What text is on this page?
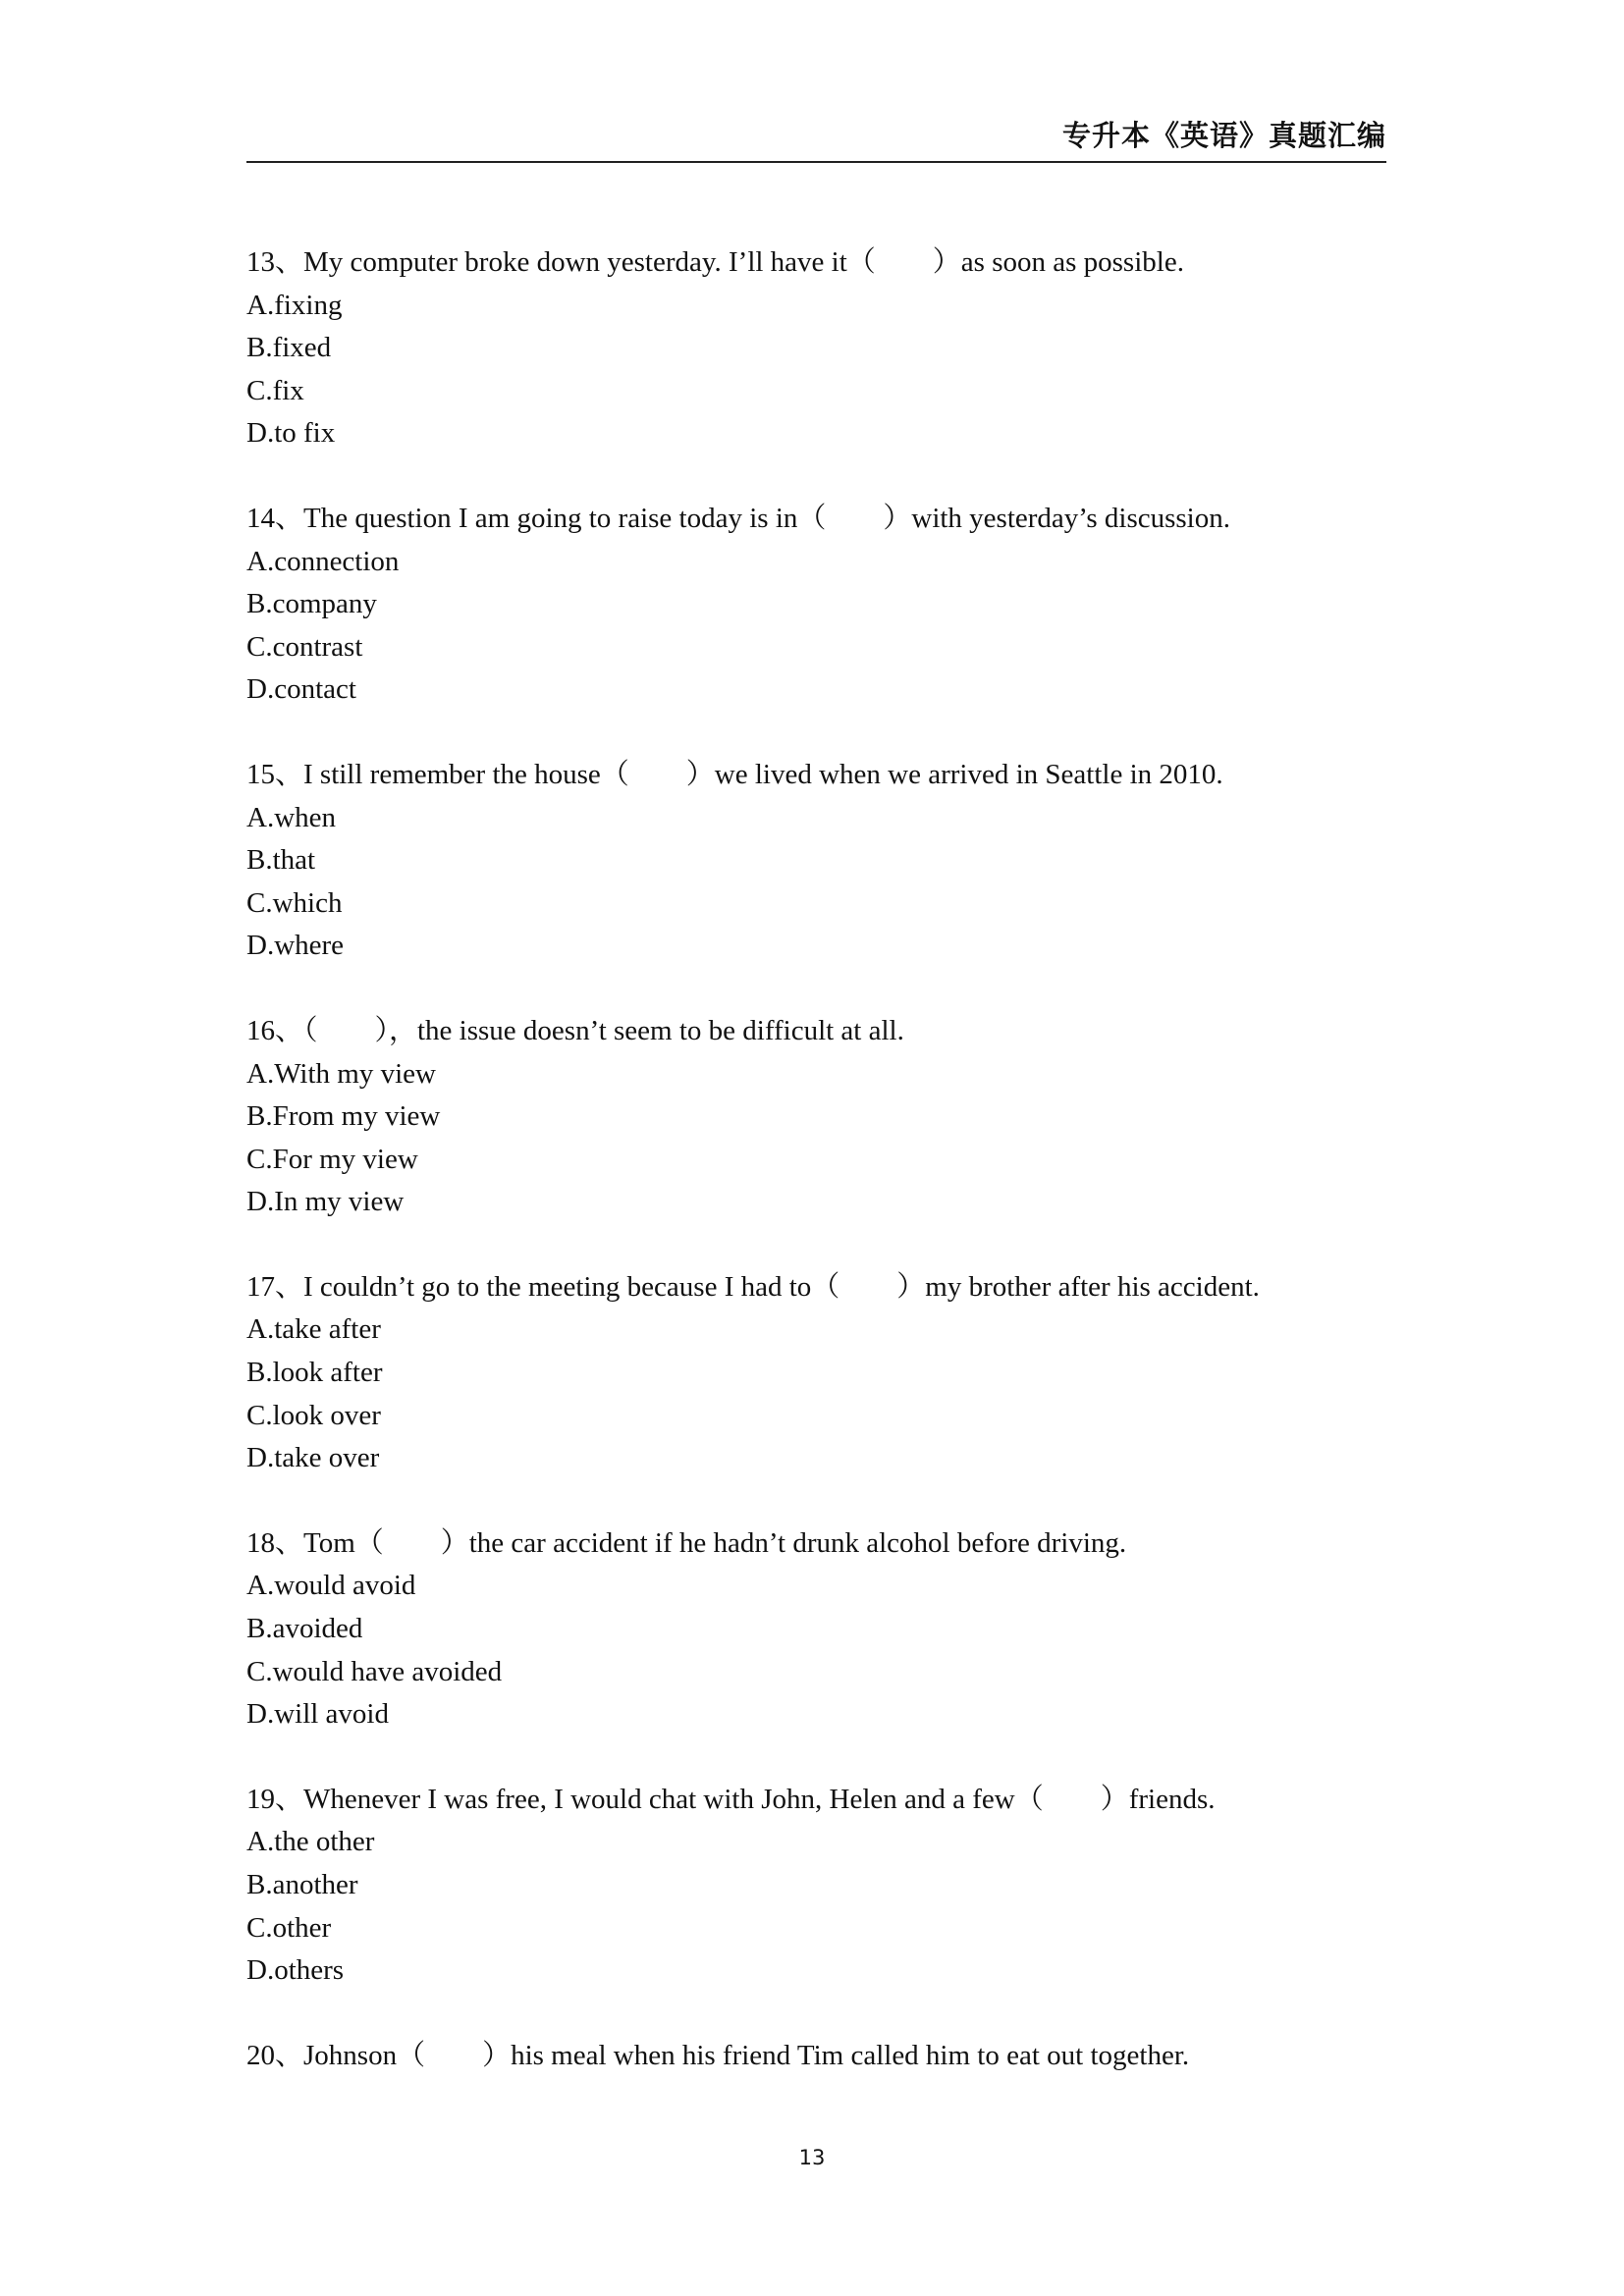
专升本《英语》真题汇编
13、My computer broke down yesterday. I’ll have it（　　）as soon as possible.
A.fixing
B.fixed
C.fix
D.to fix
14、The question I am going to raise today is in（　　）with yesterday’s discussion.
A.connection
B.company
C.contrast
D.contact
15、I still remember the house（　　）we lived when we arrived in Seattle in 2010.
A.when
B.that
C.which
D.where
16、（　　），the issue doesn’t seem to be difficult at all.
A.With my view
B.From my view
C.For my view
D.In my view
17、I couldn’t go to the meeting because I had to（　　）my brother after his accident.
A.take after
B.look after
C.look over
D.take over
18、Tom（　　）the car accident if he hadn’t drunk alcohol before driving.
A.would avoid
B.avoided
C.would have avoided
D.will avoid
19、Whenever I was free, I would chat with John, Helen and a few（　　）friends.
A.the other
B.another
C.other
D.others
20、Johnson（　　）his meal when his friend Tim called him to eat out together.
13
